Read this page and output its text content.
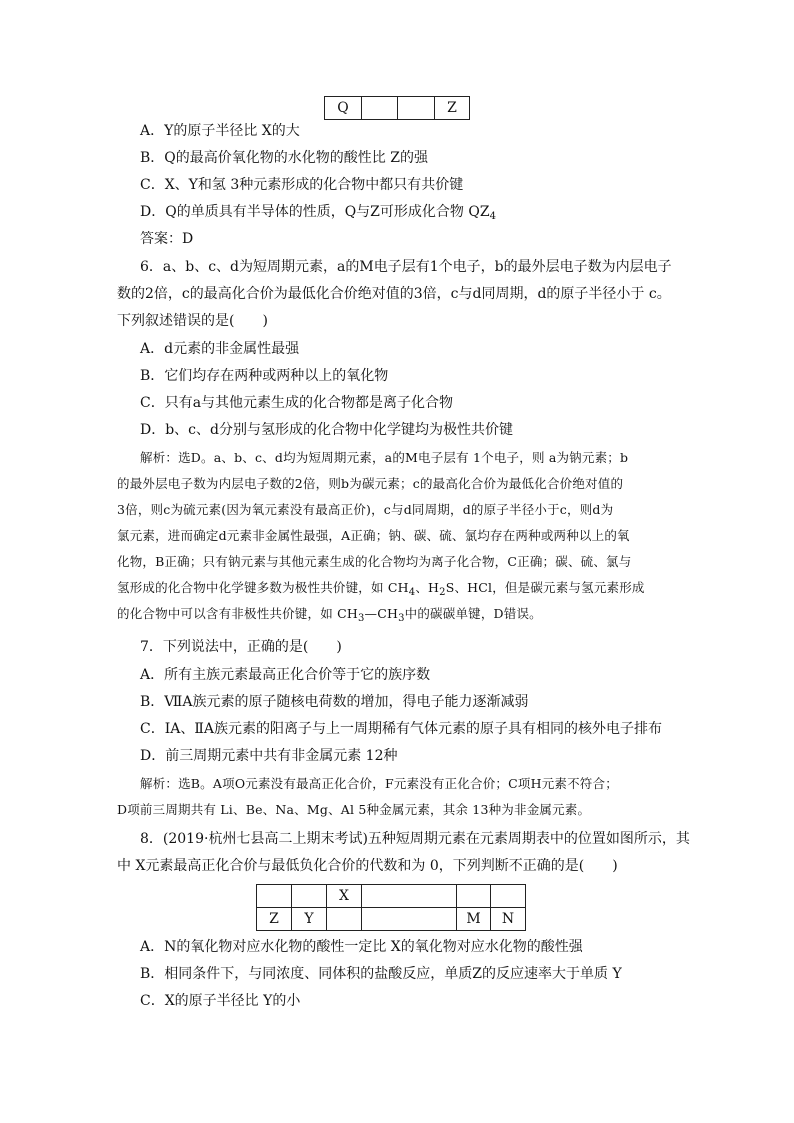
Q			Z
A．Y的原子半径比 X的大
B．Q的最高价氧化物的水化物的酸性比 Z的强
C．X、Y和氢 3种元素形成的化合物中都只有共价键
D．Q的单质具有半导体的性质，Q与Z可形成化合物 $QZ_4$
答案：D
6．a、b、c、d为短周期元素，a的M电子层有1个电子，b的最外层电子数为内层电子
数的2倍，c的最高化合价为最低化合价绝对值的3倍，c与d同周期，d的原子半径小于 c。
下列叙述错误的是(　　)
A．d元素的非金属性最强
B．它们均存在两种或两种以上的氧化物
C．只有a与其他元素生成的化合物都是离子化合物
D．b、c、d分别与氢形成的化合物中化学键均为极性共价键
解析：选D。a、b、c、d均为短周期元素，a的M电子层有 1个电子，则 a为钠元素；b
的最外层电子数为内层电子数的2倍，则b为碳元素；c的最高化合价为最低化合价绝对值的
3倍，则c为硫元素(因为氧元素没有最高正价)，c与d同周期，d的原子半径小于c，则d为
氯元素，进而确定d元素非金属性最强，A正确；钠、碳、硫、氯均存在两种或两种以上的氧
化物，B正确；只有钠元素与其他元素生成的化合物均为离子化合物，C正确；碳、硫、氯与
氢形成的化合物中化学键多数为极性共价键，如 $CH_4$、$H_2S$、HCl，但是碳元素与氢元素形成
的化合物中可以含有非极性共价键，如 $CH_3—CH_3$中的碳碳单键，D错误。
7．下列说法中，正确的是(　　)
A．所有主族元素最高正化合价等于它的族序数
B．ⅦA族元素的原子随核电荷数的增加，得电子能力逐渐减弱
C．ⅠA、ⅡA族元素的阳离子与上一周期稀有气体元素的原子具有相同的核外电子排布
D．前三周期元素中共有非金属元素 12种
解析：选B。A项O元素没有最高正化合价，F元素没有正化合价；C项H元素不符合；
D项前三周期共有 Li、Be、Na、Mg、Al 5种金属元素，其余 13种为非金属元素。
8．(2019·杭州七县高二上期末考试)五种短周期元素在元素周期表中的位置如图所示，其
中 X元素最高正化合价与最低负化合价的代数和为 0，下列判断不正确的是(　　)
		X			
Z	Y			M	N
A．N的氧化物对应水化物的酸性一定比 X的氧化物对应水化物的酸性强
B．相同条件下，与同浓度、同体积的盐酸反应，单质Z的反应速率大于单质 Y
C．X的原子半径比 Y的小
